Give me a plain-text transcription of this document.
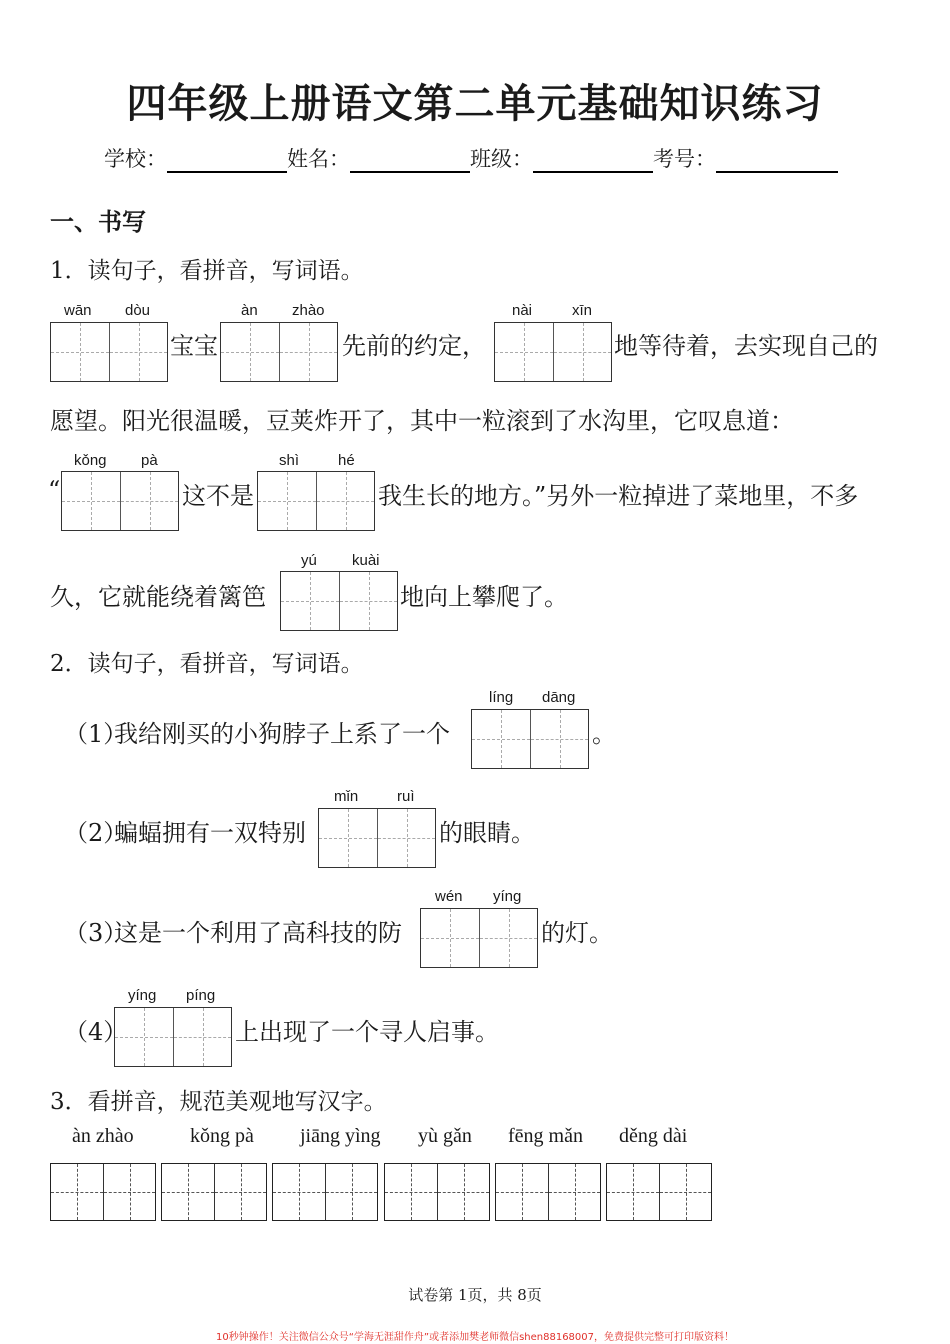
四年级上册语文第二单元基础知识练习
学校：	姓名：	班级：	考号：
一、书写
1．读句子，看拼音，写词语。
wān dòu
宝宝
àn zhào
先前的约定，
nài	xīn
地等待着，去实现自己的
愿望。阳光很温暖，豆荚炸开了，其中一粒滚到了水沟里，它叹息道：
“
kǒng pà
这不是
shì	hé
我生长的地方。”另外一粒掉进了菜地里，不多
久，它就能绕着篱笆
yú kuài
地向上攀爬了。
2．读句子，看拼音，写词语。
（1）
我给刚买的小狗脖子上系了一个
líng dāng
。
（2）
蝙蝠拥有一双特别
mǐn	ruì
的眼睛。
（3）
这是一个利用了高科技的防
wén yíng
的灯。
（4）
yíng píng
上出现了一个寻人启事。
3．看拼音，规范美观地写汉字。
àn zhào	kǒng pà jiāng yìng yù gǎn fēng mǎn děng dài
试卷第 1页，共 8页
10秒钟操作！关注微信公众号“学海无涯甜作舟”或者添加樊老师微信shen88168007，免费提供完整可打印版资料！
